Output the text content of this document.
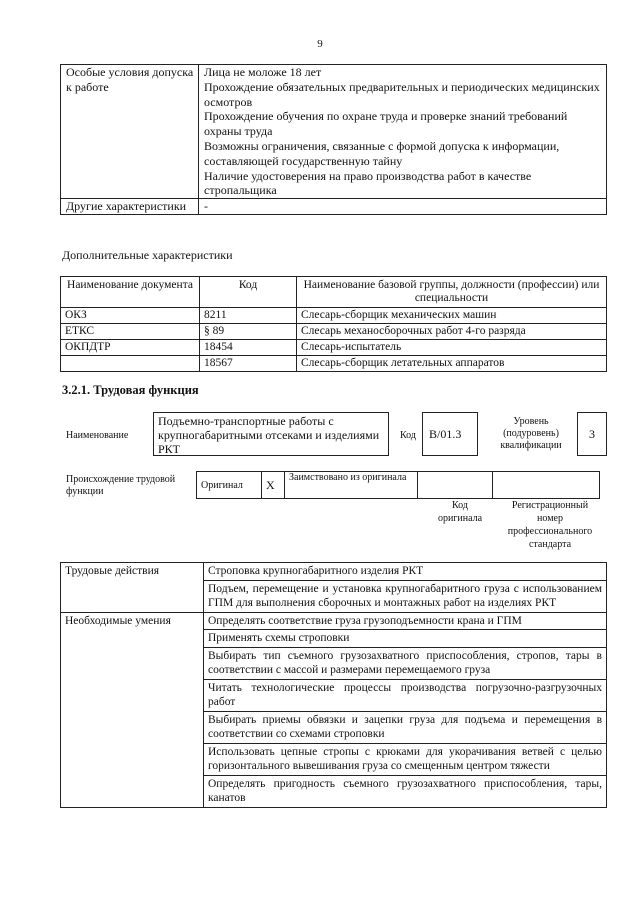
9
Особые условия допуска к работе	Лица не моложе 18 лет
Прохождение обязательных предварительных и периодических медицинских осмотров
Прохождение обучения по охране труда и проверке знаний требований охраны труда
Возможны ограничения, связанные с формой допуска к информации, составляющей государственную тайну
Наличие удостоверения на право производства работ в качестве стропальщика

Другие характеристики	-
Дополнительные характеристики
Наименование документа	Код	Наименование базовой группы, должности (профессии) или специальности
ОКЗ	8211	Слесарь-сборщик механических машин
ЕТКС	§ 89	Слесарь механосборочных работ 4-го разряда
ОКПДТР	18454	Слесарь-испытатель
	18567	Слесарь-сборщик летательных аппаратов
3.2.1. Трудовая функция
Наименование
Подъемно-транспортные работы с крупногабаритными отсеками и изделиями РКТ
Код	B/01.3
Уровень (подуровень) квалификации
3
Происхождение трудовой функции
Оригинал	X	Заимствовано из оригинала		
Код оригинала
Регистрационный номер профессионального стандарта
Трудовые действия	Строповка крупногабаритного изделия РКТ
	Подъем, перемещение и установка крупногабаритного груза с использованием ГПМ для выполнения сборочных и монтажных работ на изделиях РКТ
Необходимые умения	Определять соответствие груза грузоподъемности крана и ГПМ
	Применять схемы строповки
	Выбирать тип съемного грузозахватного приспособления, стропов, тары в соответствии с массой и размерами перемещаемого груза
	Читать технологические процессы производства погрузочно-разгрузочных работ
	Выбирать приемы обвязки и зацепки груза для подъема и перемещения в соответствии со схемами строповки
	Использовать цепные стропы с крюками для укорачивания ветвей с целью горизонтального вывешивания груза со смещенным центром тяжести
	Определять пригодность съемного грузозахватного приспособления, тары, канатов
